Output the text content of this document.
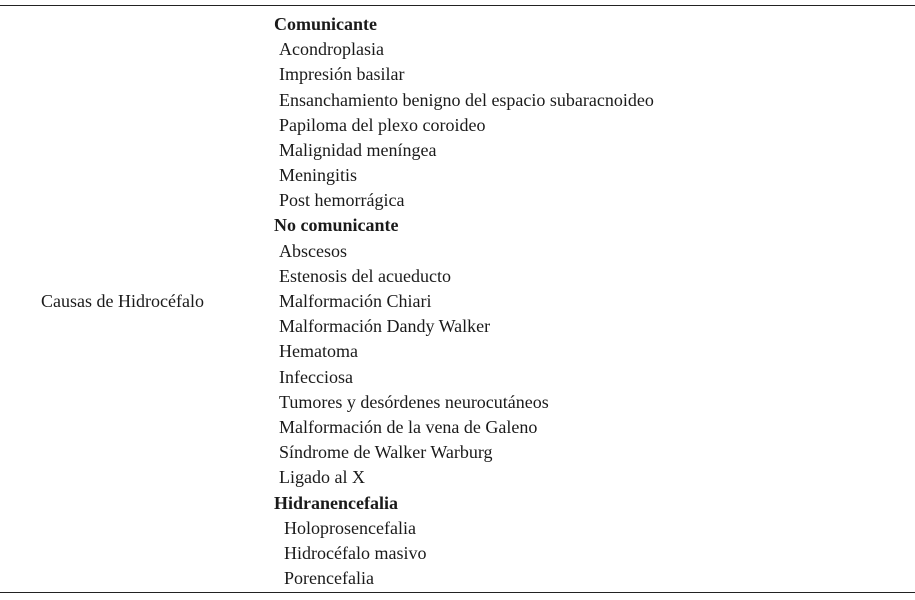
Causas de Hidrocéfalo
Comunicante
Acondroplasia
Impresión basilar
Ensanchamiento benigno del espacio subaracnoideo
Papiloma del plexo coroideo
Malignidad meníngea
Meningitis
Post hemorrágica
No comunicante
Abscesos
Estenosis del acueducto
Malformación Chiari
Malformación Dandy Walker
Hematoma
Infecciosa
Tumores y desórdenes neurocutáneos
Malformación de la vena de Galeno
Síndrome de Walker Warburg
Ligado al X
Hidranencefalia
Holoprosencefalia
Hidrocéfalo masivo
Porencefalia
